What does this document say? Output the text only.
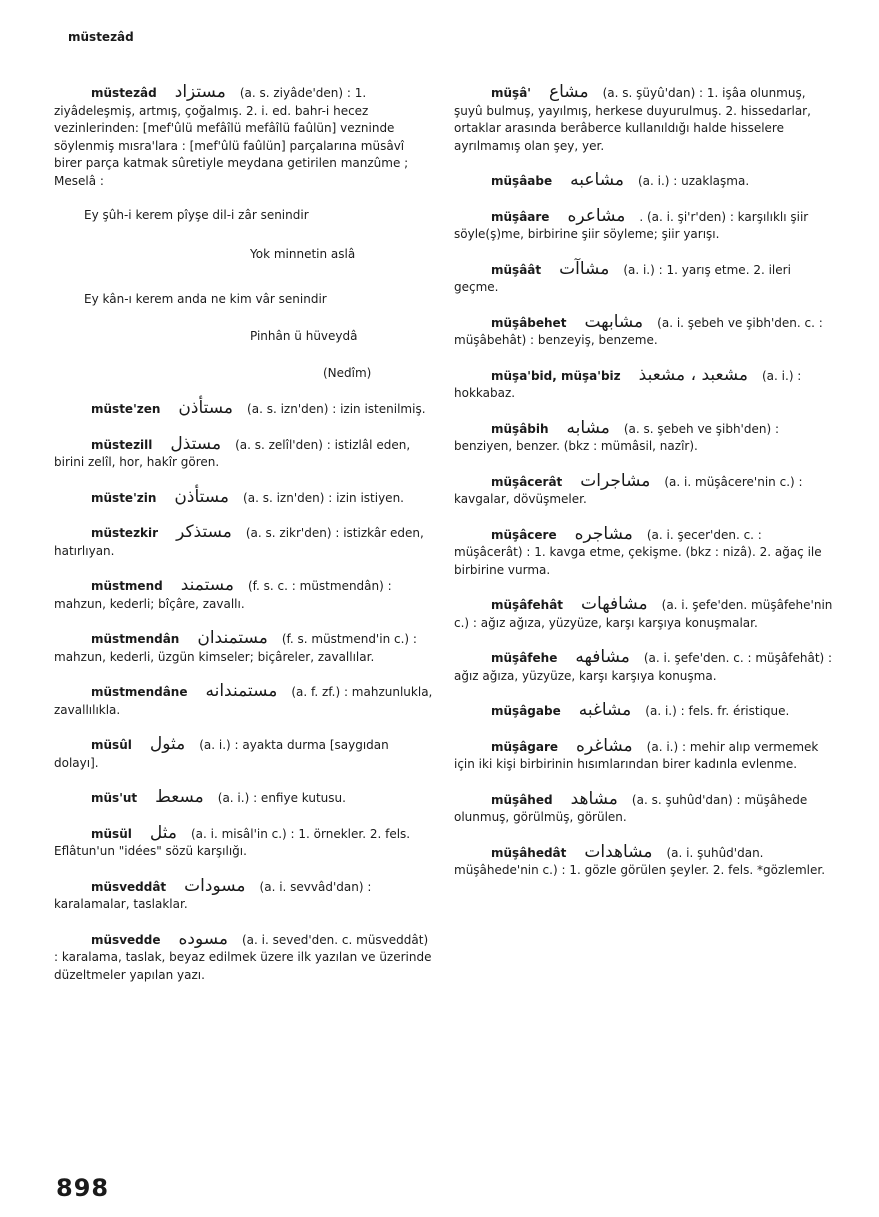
müstezâd

müstezâd مستزاد (a. s. ziyâde'den) : 1. ziyâdeleşmiş, artmış, çoğalmış. 2. i. ed. bahr-i hecez vezinlerinden: [mef'ûlü mefâîlü mefâîlü faûlün] vezninde söylenmiş mısra'lara : [mef'ûlü faûlün] parçalarına müsâvî birer parça katmak sûretiyle meydana getirilen manzûme ; Meselâ :

Ey şûh-i kerem pîyşe dil-i zâr senindir
Yok minnetin aslâ
Ey kân-ı kerem anda ne kim vâr senindir
Pinhân ü hüveydâ
(Nedîm)

müste'zen مستأذن (a. s. izn'den) : izin istenilmiş.

müstezill مستذل (a. s. zelîl'den) : istizlâl eden, birini zelîl, hor, hakîr gören.

müste'zin مستأذن (a. s. izn'den) : izin istiyen.

müstezkir مستذكر (a. s. zikr'den) : istizkâr eden, hatırlıyan.

müstmend مستمند (f. s. c. : müstmendân) : mahzun, kederli; bîçâre, zavallı.

müstmendân مستمندان (f. s. müstmend'in c.) : mahzun, kederli, üzgün kimseler; biçâreler, zavallılar.

müstmendâne مستمندانه (a. f. zf.) : mahzunlukla, zavallılıkla.

müsûl مثول (a. i.) : ayakta durma [saygıdan dolayı].

müs'ut مسعط (a. i.) : enfiye kutusu.

müsül مثل (a. i. misâl'in c.) : 1. örnekler. 2. fels. Eflâtun'un "idées" sözü karşılığı.

müsveddât مسودات (a. i. sevvâd'dan) : karalamalar, taslaklar.

müsvedde مسوده (a. i. seved'den. c. müsveddât) : karalama, taslak, beyaz edilmek üzere ilk yazılan ve üzerinde düzeltmeler yapılan yazı.

müşâ' مشاع (a. s. şüyû'dan) : 1. işâa olunmuş, şuyû bulmuş, yayılmış, herkese duyurulmuş. 2. hissedarlar, ortaklar arasında berâberce kullanıldığı halde hisselere ayrılmamış olan şey, yer.

müşâabe مشاعبه (a. i.) : uzaklaşma.

müşâare مشاعره . (a. i. şi'r'den) : karşılıklı şiir söyle(ş)me, birbirine şiir söyleme; şiir yarışı.

müşâât مشاآت (a. i.) : 1. yarış etme. 2. ileri geçme.

müşâbehet مشابهت (a. i. şebeh ve şibh'den. c. : müşâbehât) : benzeyiş, benzeme.

müşa'bid, müşa'biz مشعبد ، مشعبذ (a. i.) : hokkabaz.

müşâbih مشابه (a. s. şebeh ve şibh'den) : benziyen, benzer. (bkz : mümâsil, nazîr).

müşâcerât مشاجرات (a. i. müşâcere'nin c.) : kavgalar, dövüşmeler.

müşâcere مشاجره (a. i. şecer'den. c. : müşâcerât) : 1. kavga etme, çekişme. (bkz : nizâ). 2. ağaç ile birbirine vurma.

müşâfehât مشافهات (a. i. şefe'den. müşâfehe'nin c.) : ağız ağıza, yüzyüze, karşı karşıya konuşmalar.

müşâfehe مشافهه (a. i. şefe'den. c. : müşâfehât) : ağız ağıza, yüzyüze, karşı karşıya konuşma.

müşâgabe مشاغبه (a. i.) : fels. fr. éristique.

müşâgare مشاغره (a. i.) : mehir alıp vermemek için iki kişi birbirinin hısımlarından birer kadınla evlenme.

müşâhed مشاهد (a. s. şuhûd'dan) : müşâhede olunmuş, görülmüş, görülen.

müşâhedât مشاهدات (a. i. şuhûd'dan. müşâhede'nin c.) : 1. gözle görülen şeyler. 2. fels. *gözlemler.

898
